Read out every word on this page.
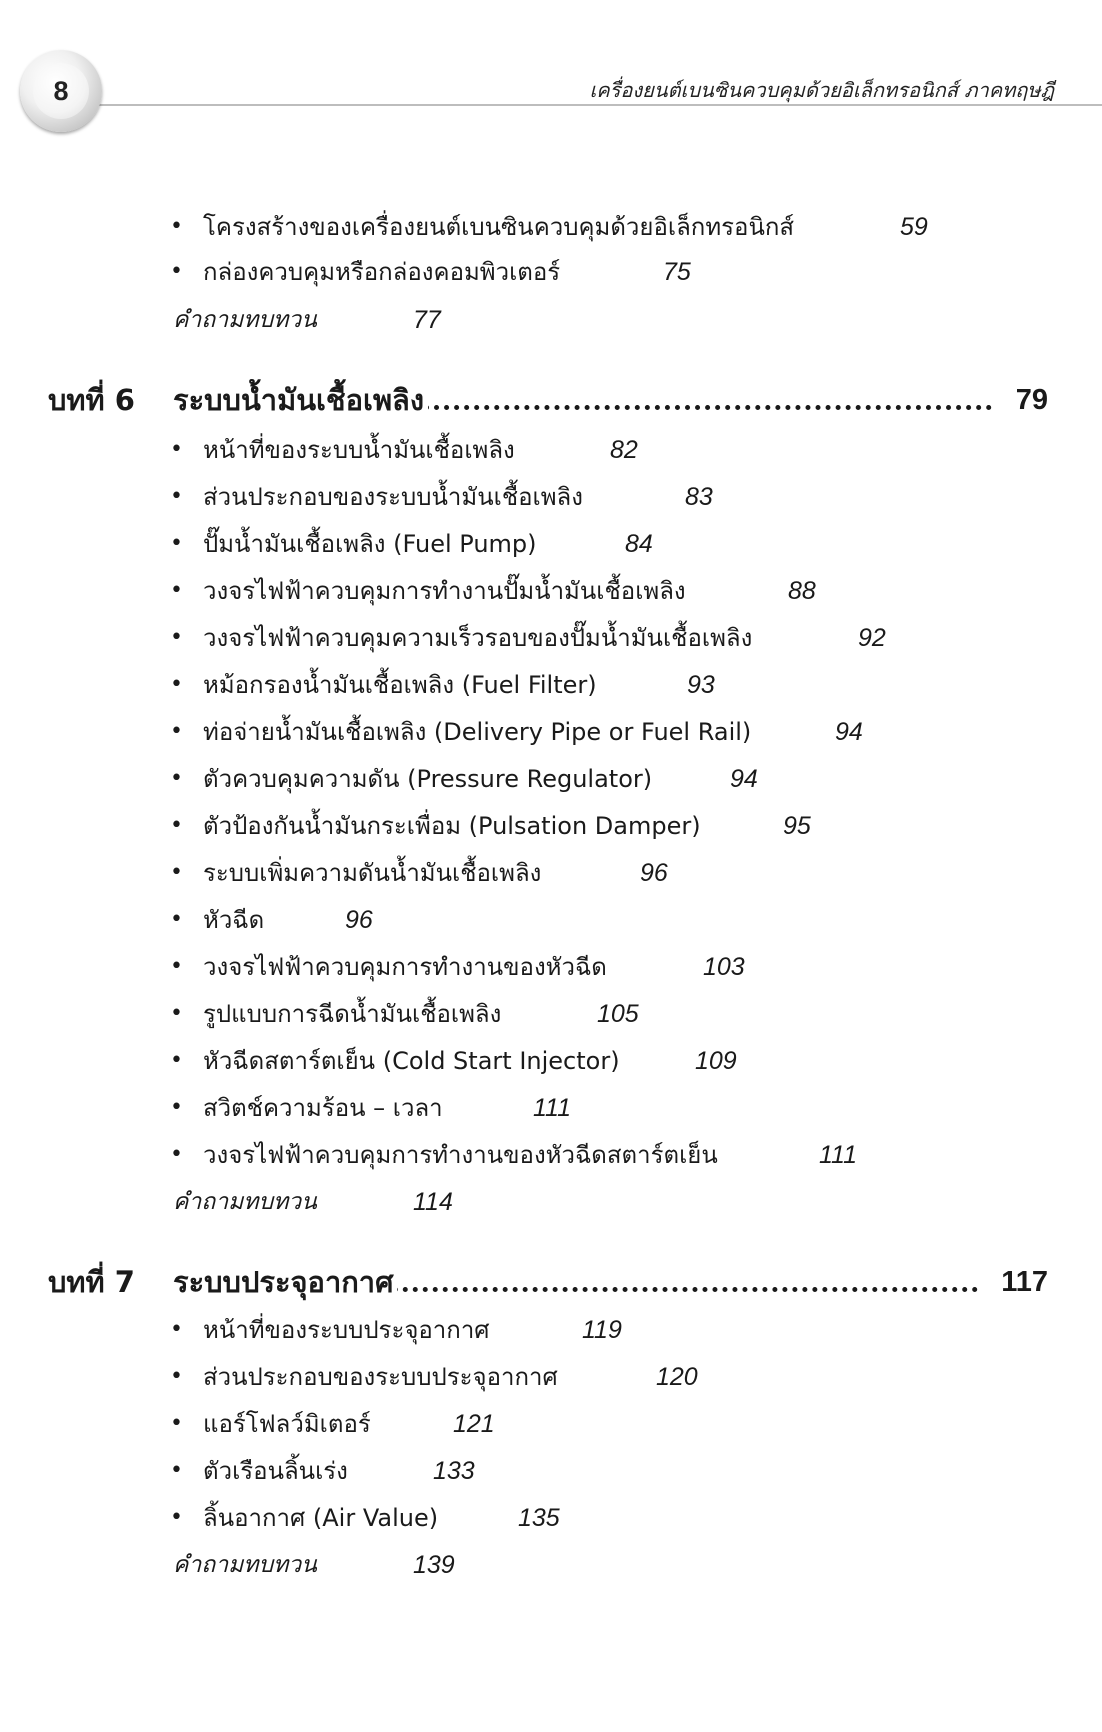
8	เครื่องยนต์เบนซินควบคุมด้วยอิเล็กทรอนิกส์ ภาคทฤษฎี
• โครงสร้างของเครื่องยนต์เบนซินควบคุมด้วยอิเล็กทรอนิกส์	59
• กล่องควบคุมหรือกล่องคอมพิวเตอร์	75
คำถามทบทวน	77
บทที่ 6 ระบบน้ำมันเชื้อเพลิง	79
• หน้าที่ของระบบน้ำมันเชื้อเพลิง	82
• ส่วนประกอบของระบบน้ำมันเชื้อเพลิง	83
• ปั๊มน้ำมันเชื้อเพลิง (Fuel Pump)	84
• วงจรไฟฟ้าควบคุมการทำงานปั๊มน้ำมันเชื้อเพลิง	88
• วงจรไฟฟ้าควบคุมความเร็วรอบของปั๊มน้ำมันเชื้อเพลิง	92
• หม้อกรองน้ำมันเชื้อเพลิง (Fuel Filter)	93
• ท่อจ่ายน้ำมันเชื้อเพลิง (Delivery Pipe or Fuel Rail)	94
• ตัวควบคุมความดัน (Pressure Regulator)	94
• ตัวป้องกันน้ำมันกระเพื่อม (Pulsation Damper)	95
• ระบบเพิ่มความดันน้ำมันเชื้อเพลิง	96
• หัวฉีด	96
• วงจรไฟฟ้าควบคุมการทำงานของหัวฉีด	103
• รูปแบบการฉีดน้ำมันเชื้อเพลิง	105
• หัวฉีดสตาร์ตเย็น (Cold Start Injector)	109
• สวิตช์ความร้อน – เวลา	111
• วงจรไฟฟ้าควบคุมการทำงานของหัวฉีดสตาร์ตเย็น	111
คำถามทบทวน	114
บทที่ 7 ระบบประจุอากาศ	117
• หน้าที่ของระบบประจุอากาศ	119
• ส่วนประกอบของระบบประจุอากาศ	120
• แอร์โฟลว์มิเตอร์	121
• ตัวเรือนลิ้นเร่ง	133
• ลิ้นอากาศ (Air Value)	135
คำถามทบทวน	139
